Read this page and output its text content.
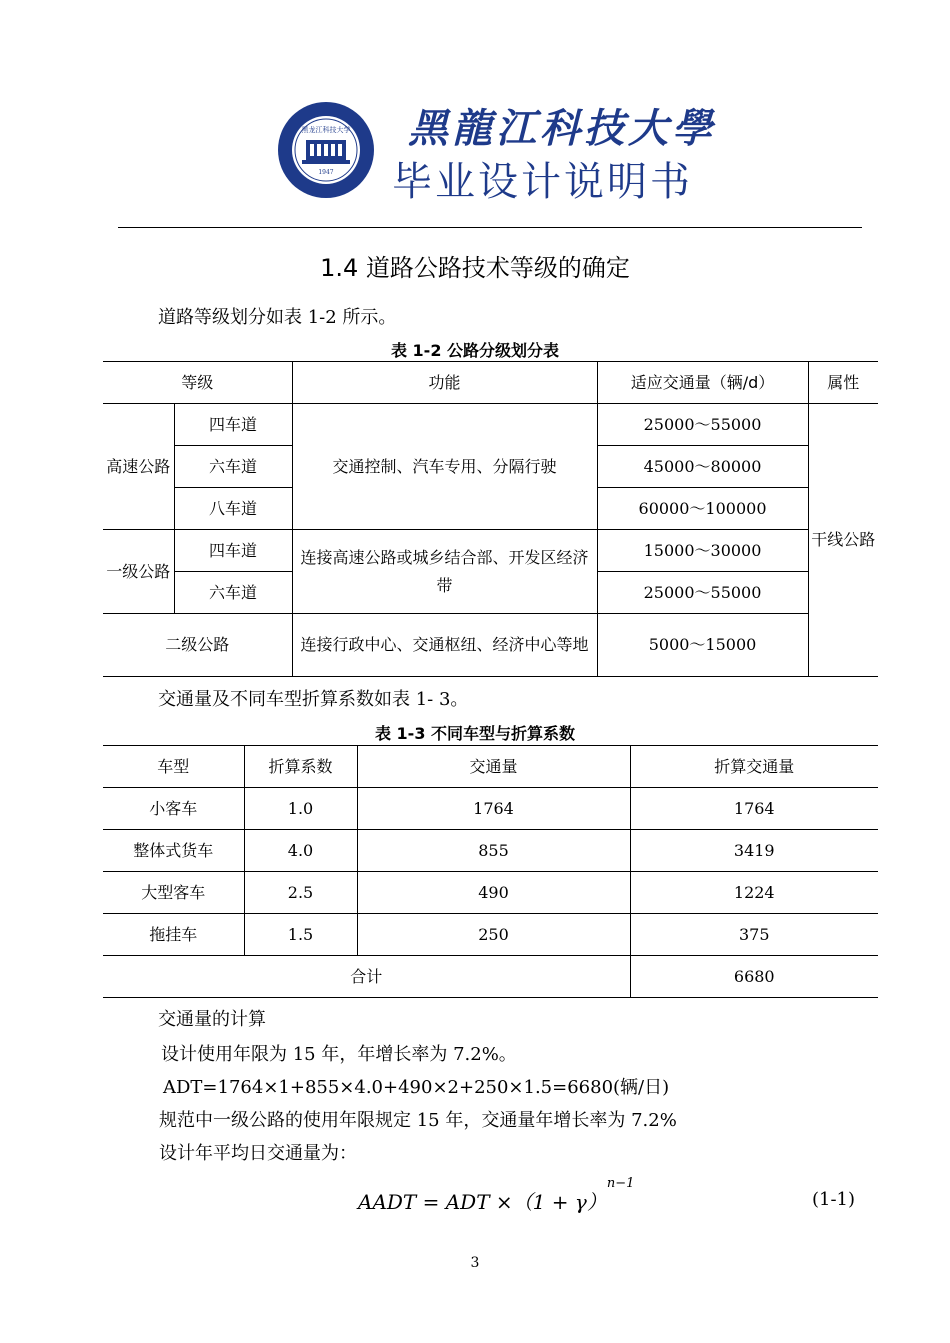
黑龙江科技大学
1947
黑龍江科技大學
毕业设计说明书
1.4 道路公路技术等级的确定
道路等级划分如表 1-2 所示。
表 1-2 公路分级划分表
等级		功能	适应交通量（辆/d）	属性
高速公路	四车道	交通控制、汽车专用、分隔行驶	25000～55000	干线公路
	六车道		45000～80000	
	八车道		60000～100000	
一级公路	四车道	连接高速公路或城乡结合部、开发区经济带	15000～30000	
	六车道		25000～55000	
二级公路		连接行政中心、交通枢纽、经济中心等地	5000～15000	
交通量及不同车型折算系数如表 1- 3。
表 1-3 不同车型与折算系数
车型	折算系数	交通量	折算交通量
小客车	1.0	1764	1764
整体式货车	4.0	855	3419
大型客车	2.5	490	1224
拖挂车	1.5	250	375
合计			6680
交通量的计算
设计使用年限为 15 年，年增长率为 7.2%。
ADT=1764×1+855×4.0+490×2+250×1.5=6680(辆/日)
规范中一级公路的使用年限规定 15 年，交通量年增长率为 7.2%
设计年平均日交通量为：
AADT = ADT $\times(1 + \gamma)^{n-1}$
(1-1)
3
